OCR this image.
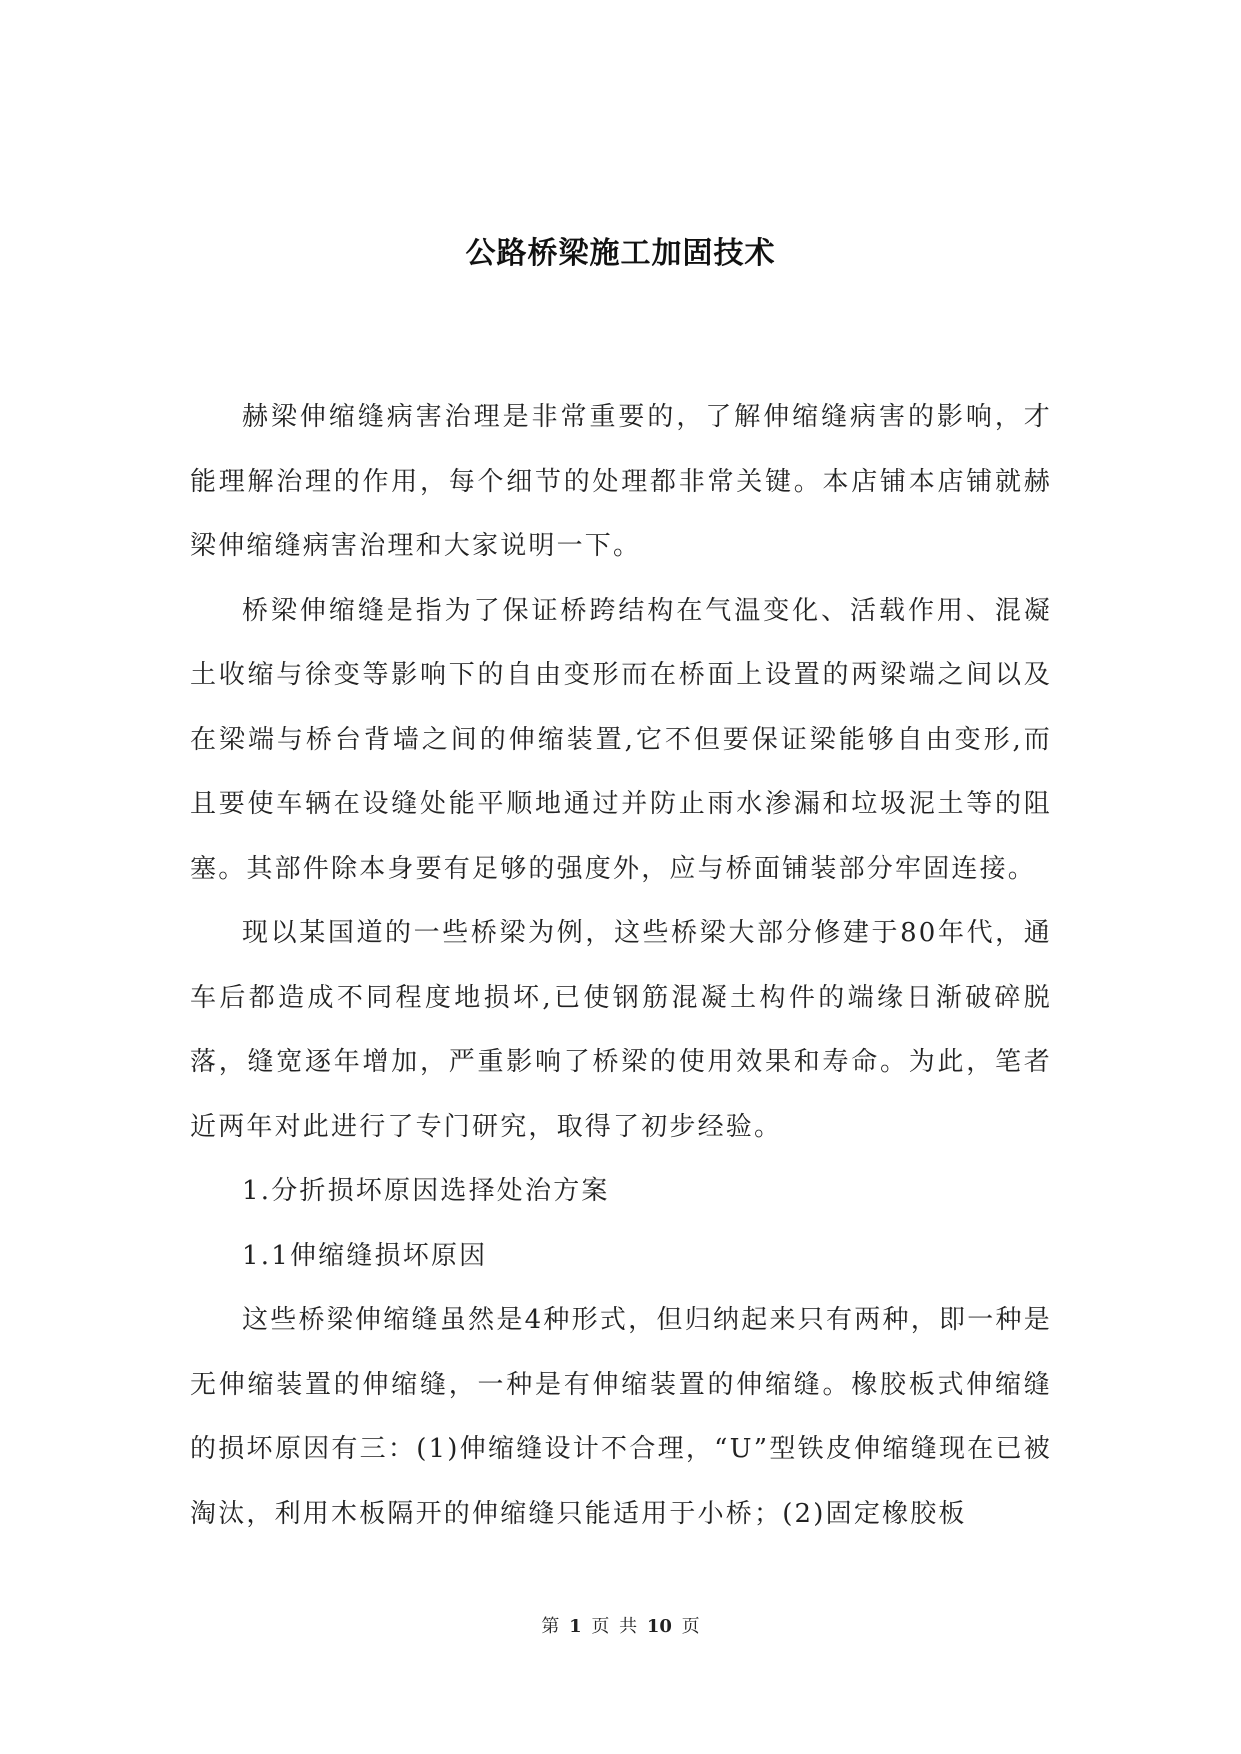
公路桥梁施工加固技术

赫梁伸缩缝病害治理是非常重要的，了解伸缩缝病害的影响，才能理解治理的作用，每个细节的处理都非常关键。本店铺本店铺就赫梁伸缩缝病害治理和大家说明一下。

桥梁伸缩缝是指为了保证桥跨结构在气温变化、活载作用、混凝土收缩与徐变等影响下的自由变形而在桥面上设置的两梁端之间以及在梁端与桥台背墙之间的伸缩装置,它不但要保证梁能够自由变形,而且要使车辆在设缝处能平顺地通过并防止雨水渗漏和垃圾泥土等的阻塞。其部件除本身要有足够的强度外，应与桥面铺装部分牢固连接。

现以某国道的一些桥梁为例，这些桥梁大部分修建于80年代，通车后都造成不同程度地损坏,已使钢筋混凝土构件的端缘日渐破碎脱落，缝宽逐年增加，严重影响了桥梁的使用效果和寿命。为此，笔者近两年对此进行了专门研究，取得了初步经验。

1.分折损坏原因选择处治方案

1.1伸缩缝损坏原因

这些桥梁伸缩缝虽然是4种形式，但归纳起来只有两种，即一种是无伸缩装置的伸缩缝，一种是有伸缩装置的伸缩缝。橡胶板式伸缩缝的损坏原因有三：(1)伸缩缝设计不合理，“U”型铁皮伸缩缝现在已被淘汰，利用木板隔开的伸缩缝只能适用于小桥；(2)固定橡胶板

第 1 页 共 10 页
